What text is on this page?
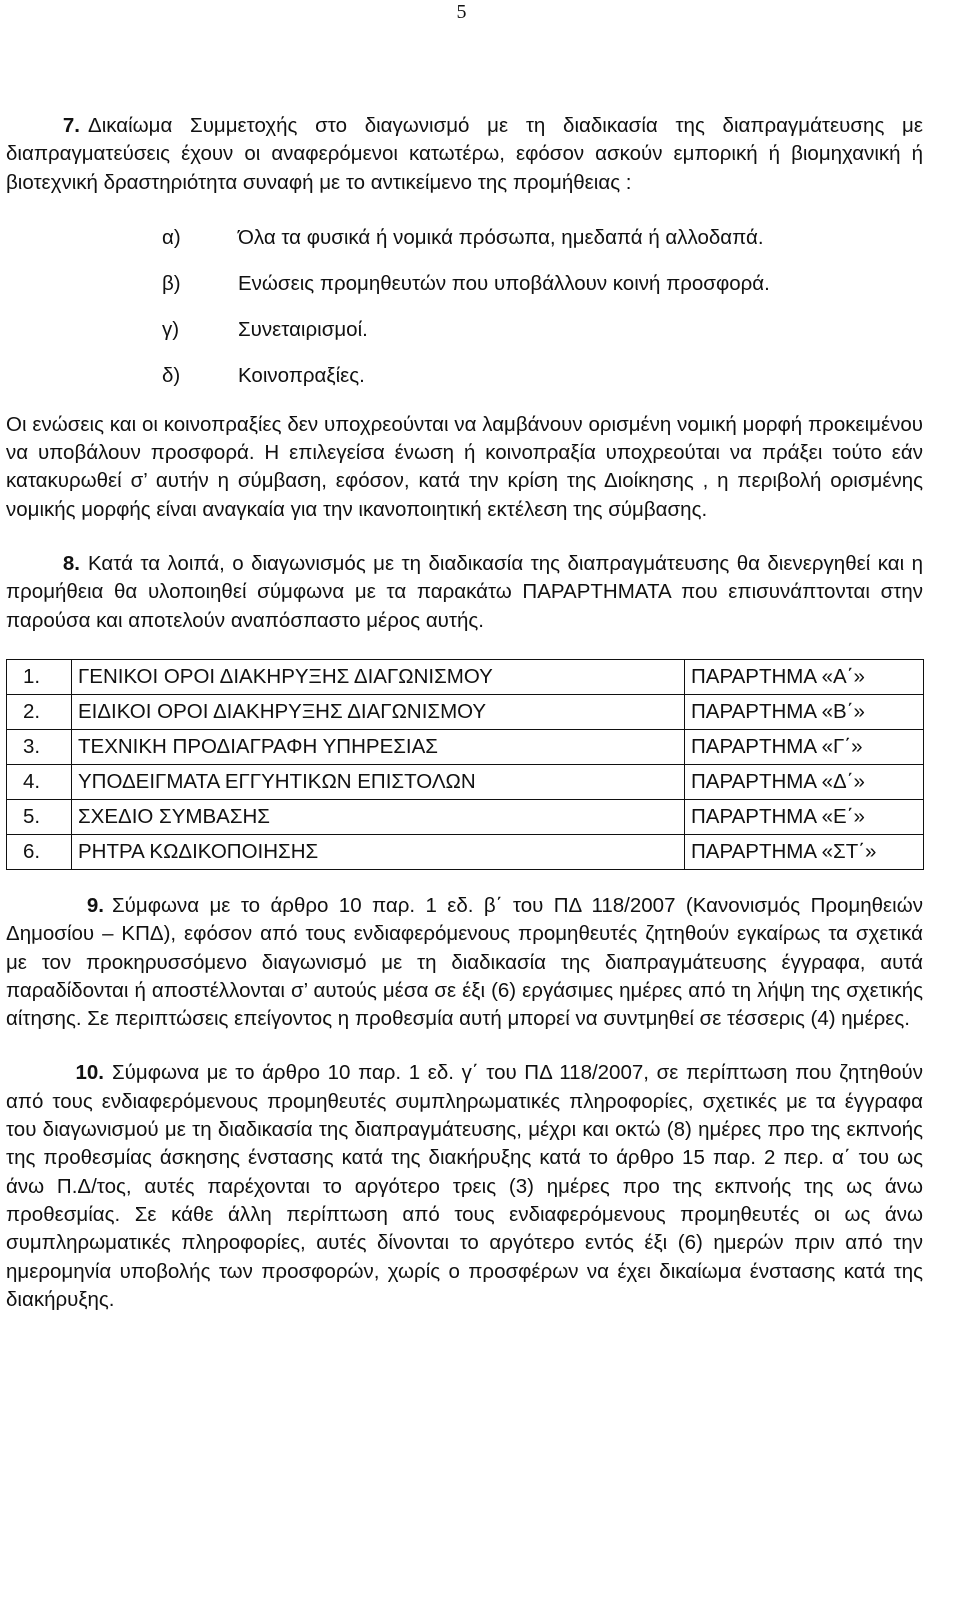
5

7. Δικαίωμα Συμμετοχής στο διαγωνισμό με τη διαδικασία της διαπραγμάτευσης με διαπραγματεύσεις έχουν οι αναφερόμενοι κατωτέρω, εφόσον ασκούν εμπορική ή βιομηχανική ή βιοτεχνική δραστηριότητα συναφή με το αντικείμενο της προμήθειας :

α)	Όλα τα φυσικά ή νομικά πρόσωπα, ημεδαπά ή αλλοδαπά.
β)	Ενώσεις προμηθευτών που υποβάλλουν κοινή προσφορά.
γ)	Συνεταιρισμοί.
δ)	Κοινοπραξίες.

Οι ενώσεις και οι κοινοπραξίες δεν υποχρεούνται να λαμβάνουν ορισμένη νομική μορφή προκειμένου να υποβάλουν προσφορά. Η επιλεγείσα ένωση ή κοινοπραξία υποχρεούται να πράξει τούτο εάν κατακυρωθεί σ’ αυτήν η σύμβαση, εφόσον, κατά την κρίση της Διοίκησης , η περιβολή ορισμένης νομικής μορφής είναι αναγκαία για την ικανοποιητική εκτέλεση της σύμβασης.

8. Κατά τα λοιπά, ο διαγωνισμός με τη διαδικασία της διαπραγμάτευσης θα διενεργηθεί και η προμήθεια θα υλοποιηθεί σύμφωνα με τα παρακάτω ΠΑΡΑΡΤΗΜΑΤΑ που επισυνάπτονται στην παρούσα και αποτελούν αναπόσπαστο μέρος αυτής.

1.	ΓΕΝΙΚΟΙ ΟΡΟΙ ΔΙΑΚΗΡΥΞΗΣ ΔΙΑΓΩΝΙΣΜΟΥ	ΠΑΡΑΡΤΗΜΑ «Α΄»
2.	ΕΙΔΙΚΟΙ ΟΡΟΙ ΔΙΑΚΗΡΥΞΗΣ ΔΙΑΓΩΝΙΣΜΟΥ	ΠΑΡΑΡΤΗΜΑ «Β΄»
3.	ΤΕΧΝΙΚΗ ΠΡΟΔΙΑΓΡΑΦΗ ΥΠΗΡΕΣΙΑΣ	ΠΑΡΑΡΤΗΜΑ «Γ΄»
4.	ΥΠΟΔΕΙΓΜΑΤΑ ΕΓΓΥΗΤΙΚΩΝ ΕΠΙΣΤΟΛΩΝ	ΠΑΡΑΡΤΗΜΑ «Δ΄»
5.	ΣΧΕΔΙΟ ΣΥΜΒΑΣΗΣ	ΠΑΡΑΡΤΗΜΑ «Ε΄»
6.	ΡΗΤΡΑ ΚΩΔΙΚΟΠΟΙΗΣΗΣ	ΠΑΡΑΡΤΗΜΑ «ΣΤ΄»

9. Σύμφωνα με το άρθρο 10 παρ. 1 εδ. β΄ του ΠΔ 118/2007 (Κανονισμός Προμηθειών Δημοσίου – ΚΠΔ), εφόσον από τους ενδιαφερόμενους προμηθευτές ζητηθούν εγκαίρως τα σχετικά με τον προκηρυσσόμενο διαγωνισμό με τη διαδικασία της διαπραγμάτευσης έγγραφα, αυτά παραδίδονται ή αποστέλλονται σ’ αυτούς μέσα σε έξι (6) εργάσιμες ημέρες από τη λήψη της σχετικής αίτησης. Σε περιπτώσεις επείγοντος η προθεσμία αυτή μπορεί να συντμηθεί σε τέσσερις (4) ημέρες.

10. Σύμφωνα με το άρθρο 10 παρ. 1 εδ. γ΄ του ΠΔ 118/2007, σε περίπτωση που ζητηθούν από τους ενδιαφερόμενους προμηθευτές συμπληρωματικές πληροφορίες, σχετικές με τα έγγραφα του διαγωνισμού με τη διαδικασία της διαπραγμάτευσης, μέχρι και οκτώ (8) ημέρες προ της εκπνοής της προθεσμίας άσκησης ένστασης κατά της διακήρυξης κατά το άρθρο 15 παρ. 2 περ. α΄ του ως άνω Π.Δ/τος, αυτές παρέχονται το αργότερο τρεις (3) ημέρες προ της εκπνοής της ως άνω προθεσμίας. Σε κάθε άλλη περίπτωση από τους ενδιαφερόμενους προμηθευτές οι ως άνω συμπληρωματικές πληροφορίες, αυτές δίνονται το αργότερο εντός έξι (6) ημερών πριν από την ημερομηνία υποβολής των προσφορών, χωρίς ο προσφέρων να έχει δικαίωμα ένστασης κατά της διακήρυξης.
